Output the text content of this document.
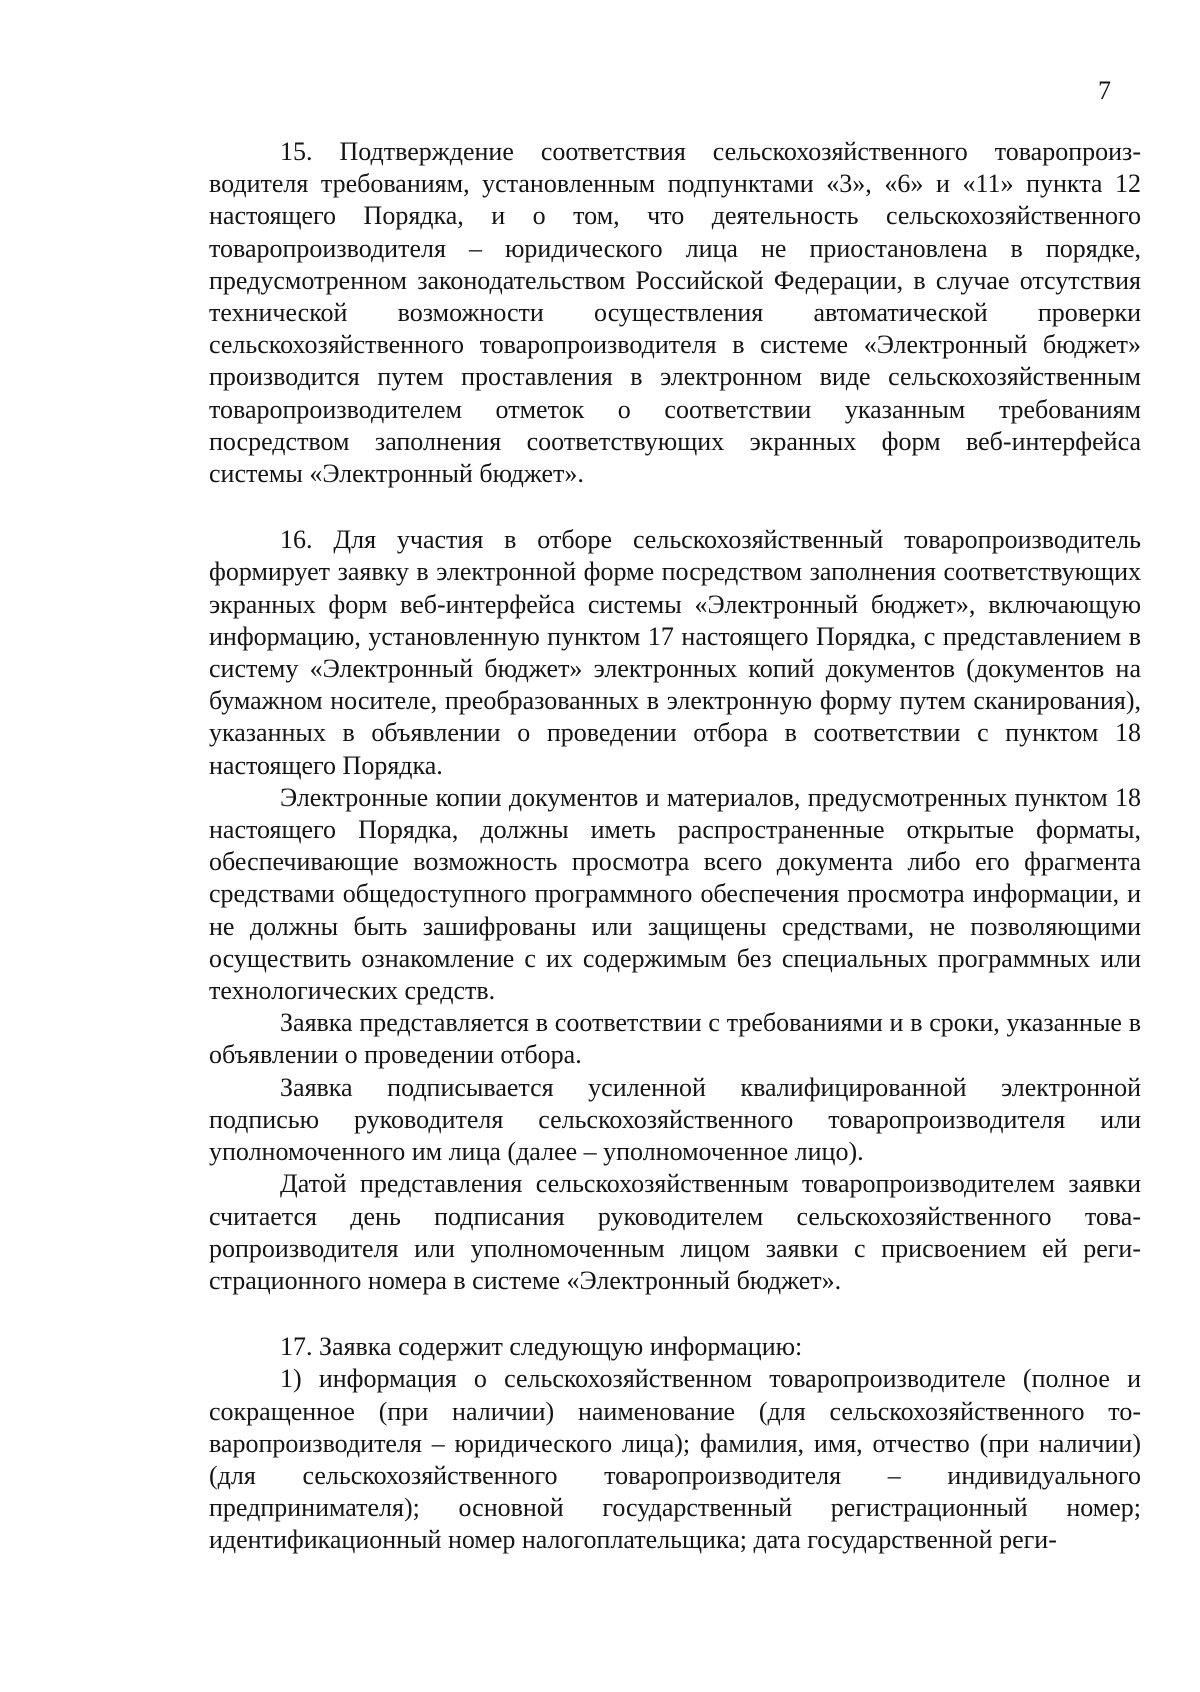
7

15. Подтверждение соответствия сельскохозяйственного товаропроизводителя требованиям, установленным подпунктами «3», «6» и «11» пункта 12 настоящего Порядка, и о том, что деятельность сельскохозяйственного товаропроизводителя – юридического лица не приостановлена в порядке, предусмотренном законодательством Российской Федерации, в случае отсутствия технической возможности осуществления автоматической проверки сельскохозяйственного товаропроизводителя в системе «Электронный бюджет» производится путем проставления в электронном виде сельскохозяйственным товаропроизводителем отметок о соответствии указанным требованиям посредством заполнения соответствующих экранных форм веб-интерфейса системы «Электронный бюджет».

16. Для участия в отборе сельскохозяйственный товаропроизводитель формирует заявку в электронной форме посредством заполнения соответствующих экранных форм веб-интерфейса системы «Электронный бюджет», включающую информацию, установленную пунктом 17 настоящего Порядка, с представлением в систему «Электронный бюджет» электронных копий документов (документов на бумажном носителе, преобразованных в электронную форму путем сканирования), указанных в объявлении о проведении отбора в соответствии с пунктом 18 настоящего Порядка.

Электронные копии документов и материалов, предусмотренных пунктом 18 настоящего Порядка, должны иметь распространенные открытые форматы, обеспечивающие возможность просмотра всего документа либо его фрагмента средствами общедоступного программного обеспечения просмотра информации, и не должны быть зашифрованы или защищены средствами, не позволяющими осуществить ознакомление с их содержимым без специальных программных или технологических средств.

Заявка представляется в соответствии с требованиями и в сроки, указанные в объявлении о проведении отбора.

Заявка подписывается усиленной квалифицированной электронной подписью руководителя сельскохозяйственного товаропроизводителя или уполномоченного им лица (далее – уполномоченное лицо).

Датой представления сельскохозяйственным товаропроизводителем заявки считается день подписания руководителем сельскохозяйственного товаропроизводителя или уполномоченным лицом заявки с присвоением ей регистрационного номера в системе «Электронный бюджет».

17. Заявка содержит следующую информацию:

1) информация о сельскохозяйственном товаропроизводителе (полное и сокращенное (при наличии) наименование (для сельскохозяйственного товаропроизводителя – юридического лица); фамилия, имя, отчество (при наличии) (для сельскохозяйственного товаропроизводителя – индивидуального предпринимателя); основной государственный регистрационный номер; идентификационный номер налогоплательщика; дата государственной реги-
